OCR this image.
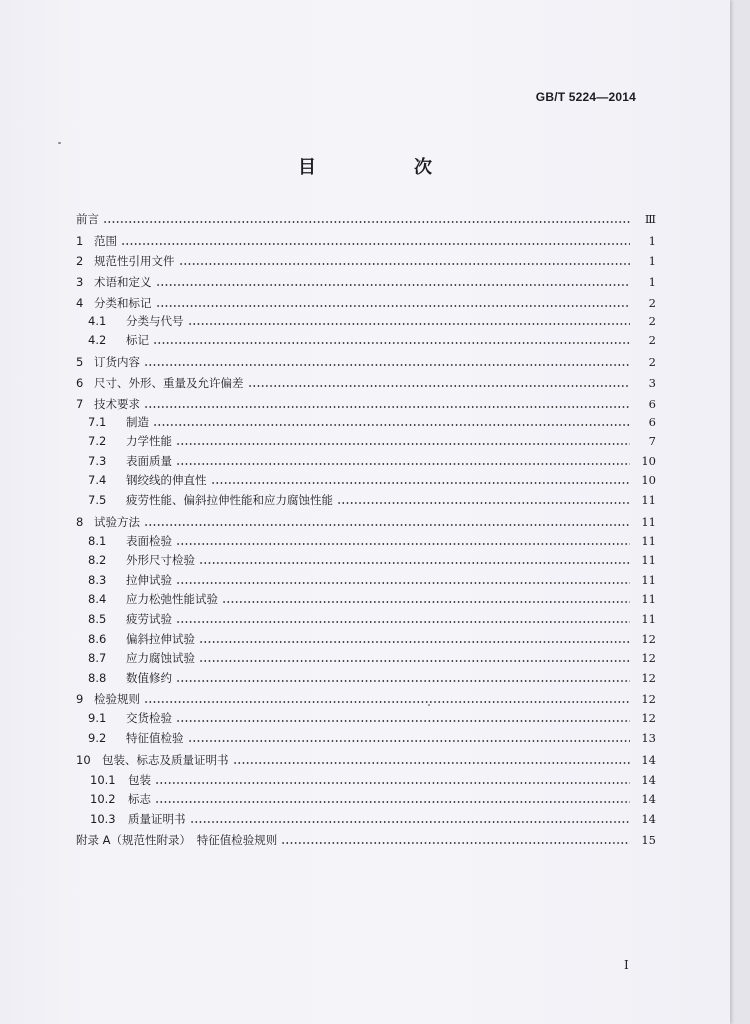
GB/T 5224—2014
目　次
前言	Ⅲ
1 范围	1
2 规范性引用文件	1
3 术语和定义	1
4 分类和标记	2
4.1	分类与代号	2
4.2	标记	2
5 订货内容	2
6 尺寸、外形、重量及允许偏差	3
7 技术要求	6
7.1	制造	6
7.2	力学性能	7
7.3	表面质量	10
7.4	钢绞线的伸直性	10
7.5	疲劳性能、偏斜拉伸性能和应力腐蚀性能	11
8 试验方法	11
8.1	表面检验	11
8.2	外形尺寸检验	11
8.3	拉伸试验	11
8.4	应力松弛性能试验	11
8.5	疲劳试验	11
8.6	偏斜拉伸试验	12
8.7	应力腐蚀试验	12
8.8	数值修约	12
9 检验规则	12
9.1	交货检验	12
9.2	特征值检验	13
10 包装、标志及质量证明书	14
10.1	包装	14
10.2	标志	14
10.3	质量证明书	14
附录 A（规范性附录）　特征值检验规则	15
I
